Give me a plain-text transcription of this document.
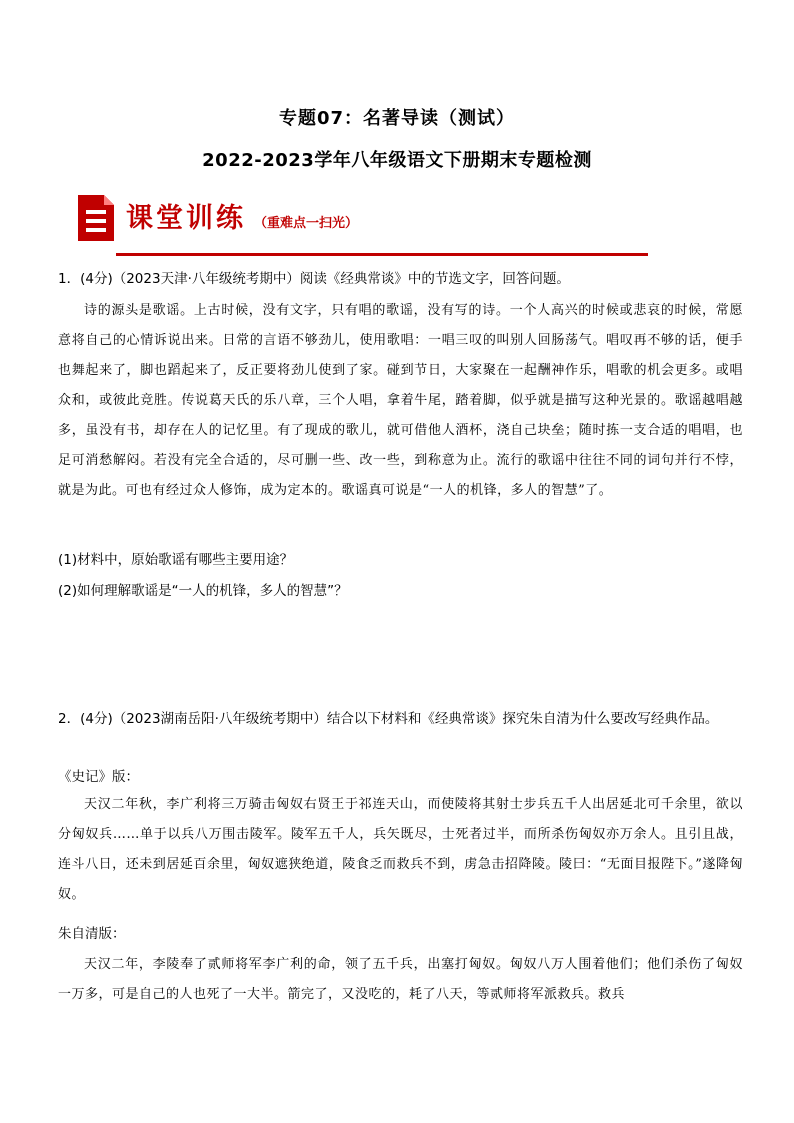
专题07：名著导读（测试）
2022-2023学年八年级语文下册期末专题检测
课堂训练 （重难点一扫光）
1．(4分)（2023天津·八年级统考期中）阅读《经典常谈》中的节选文字，回答问题。
诗的源头是歌谣。上古时候，没有文字，只有唱的歌谣，没有写的诗。一个人高兴的时候或悲哀的时候，常愿意将自己的心情诉说出来。日常的言语不够劲儿，使用歌唱：一唱三叹的叫别人回肠荡气。唱叹再不够的话，便手也舞起来了，脚也蹈起来了，反正要将劲儿使到了家。碰到节日，大家聚在一起酬神作乐，唱歌的机会更多。或唱众和，或彼此竞胜。传说葛天氏的乐八章，三个人唱，拿着牛尾，踏着脚，似乎就是描写这种光景的。歌谣越唱越多，虽没有书，却存在人的记忆里。有了现成的歌儿，就可借他人酒杯，浇自己块垒；随时拣一支合适的唱唱，也足可消愁解闷。若没有完全合适的，尽可删一些、改一些，到称意为止。流行的歌谣中往往不同的词句并行不悖，就是为此。可也有经过众人修饰，成为定本的。歌谣真可说是“一人的机锋，多人的智慧”了。
(1)材料中，原始歌谣有哪些主要用途？
(2)如何理解歌谣是“一人的机锋，多人的智慧”？
2．(4分)（2023湖南岳阳·八年级统考期中）结合以下材料和《经典常谈》探究朱自清为什么要改写经典作品。
《史记》版：
天汉二年秋，李广利将三万骑击匈奴右贤王于祁连天山，而使陵将其射士步兵五千人出居延北可千余里，欲以分匈奴兵……单于以兵八万围击陵军。陵军五千人，兵矢既尽，士死者过半，而所杀伤匈奴亦万余人。且引且战，连斗八日，还未到居延百余里，匈奴遮狭绝道，陵食乏而救兵不到，虏急击招降陵。陵曰：“无面目报陛下。”遂降匈奴。
朱自清版：
天汉二年，李陵奉了贰师将军李广利的命，领了五千兵，出塞打匈奴。匈奴八万人围着他们；他们杀伤了匈奴一万多，可是自己的人也死了一大半。箭完了，又没吃的，耗了八天，等贰师将军派救兵。救兵
